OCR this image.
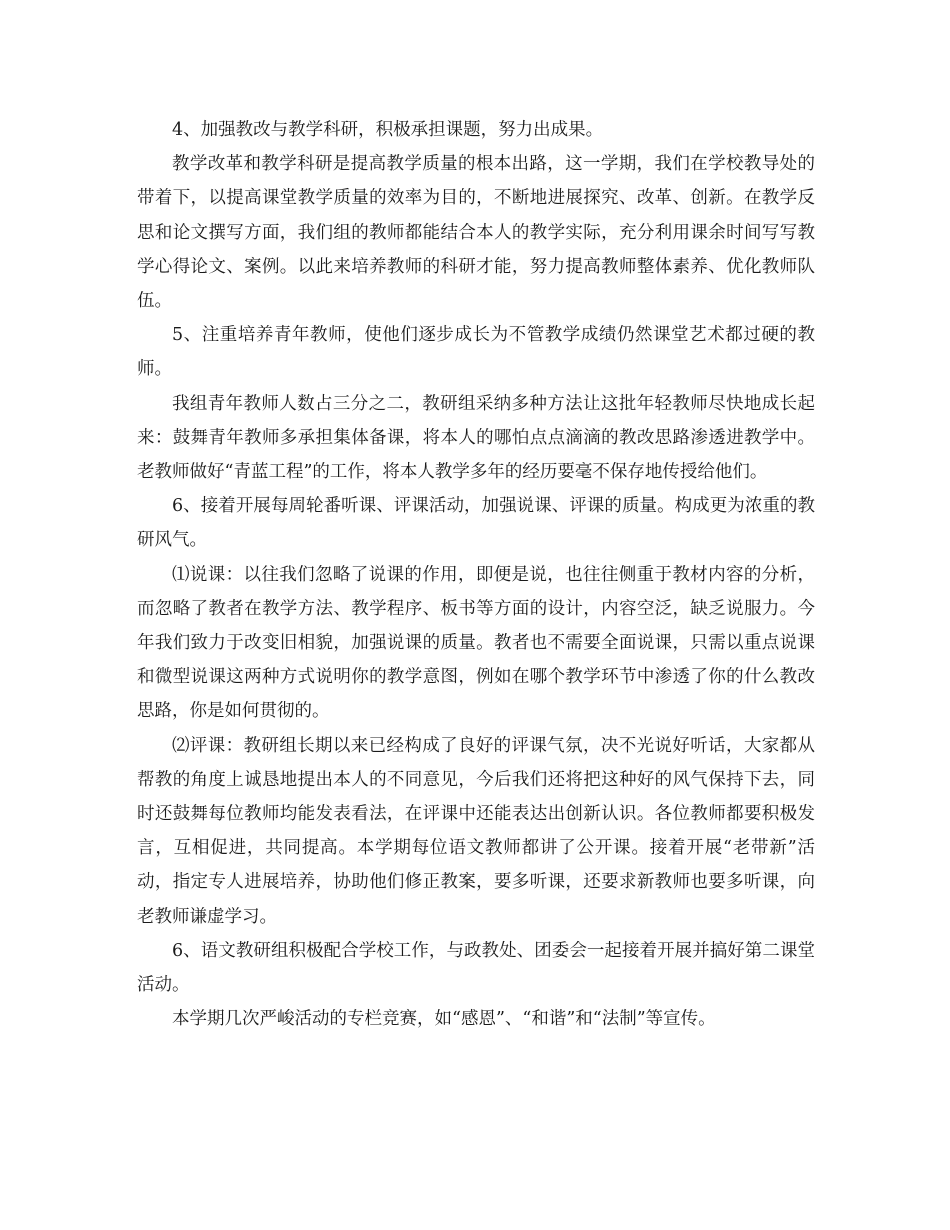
4、加强教改与教学科研，积极承担课题，努力出成果。

教学改革和教学科研是提高教学质量的根本出路，这一学期，我们在学校教导处的带着下，以提高课堂教学质量的效率为目的，不断地进展探究、改革、创新。在教学反思和论文撰写方面，我们组的教师都能结合本人的教学实际，充分利用课余时间写写教学心得论文、案例。以此来培养教师的科研才能，努力提高教师整体素养、优化教师队伍。

5、注重培养青年教师，使他们逐步成长为不管教学成绩仍然课堂艺术都过硬的教师。

我组青年教师人数占三分之二，教研组采纳多种方法让这批年轻教师尽快地成长起来：鼓舞青年教师多承担集体备课，将本人的哪怕点点滴滴的教改思路渗透进教学中。老教师做好“青蓝工程”的工作，将本人教学多年的经历要毫不保存地传授给他们。

6、接着开展每周轮番听课、评课活动，加强说课、评课的质量。构成更为浓重的教研风气。

⑴说课：以往我们忽略了说课的作用，即便是说，也往往侧重于教材内容的分析，而忽略了教者在教学方法、教学程序、板书等方面的设计，内容空泛，缺乏说服力。今年我们致力于改变旧相貌，加强说课的质量。教者也不需要全面说课，只需以重点说课和微型说课这两种方式说明你的教学意图，例如在哪个教学环节中渗透了你的什么教改思路，你是如何贯彻的。

⑵评课：教研组长期以来已经构成了良好的评课气氛，决不光说好听话，大家都从帮教的角度上诚恳地提出本人的不同意见，今后我们还将把这种好的风气保持下去，同时还鼓舞每位教师均能发表看法，在评课中还能表达出创新认识。各位教师都要积极发言，互相促进，共同提高。本学期每位语文教师都讲了公开课。接着开展“老带新”活动，指定专人进展培养，协助他们修正教案，要多听课，还要求新教师也要多听课，向老教师谦虚学习。

6、语文教研组积极配合学校工作，与政教处、团委会一起接着开展并搞好第二课堂活动。

本学期几次严峻活动的专栏竞赛，如“感恩”、“和谐”和“法制”等宣传。
